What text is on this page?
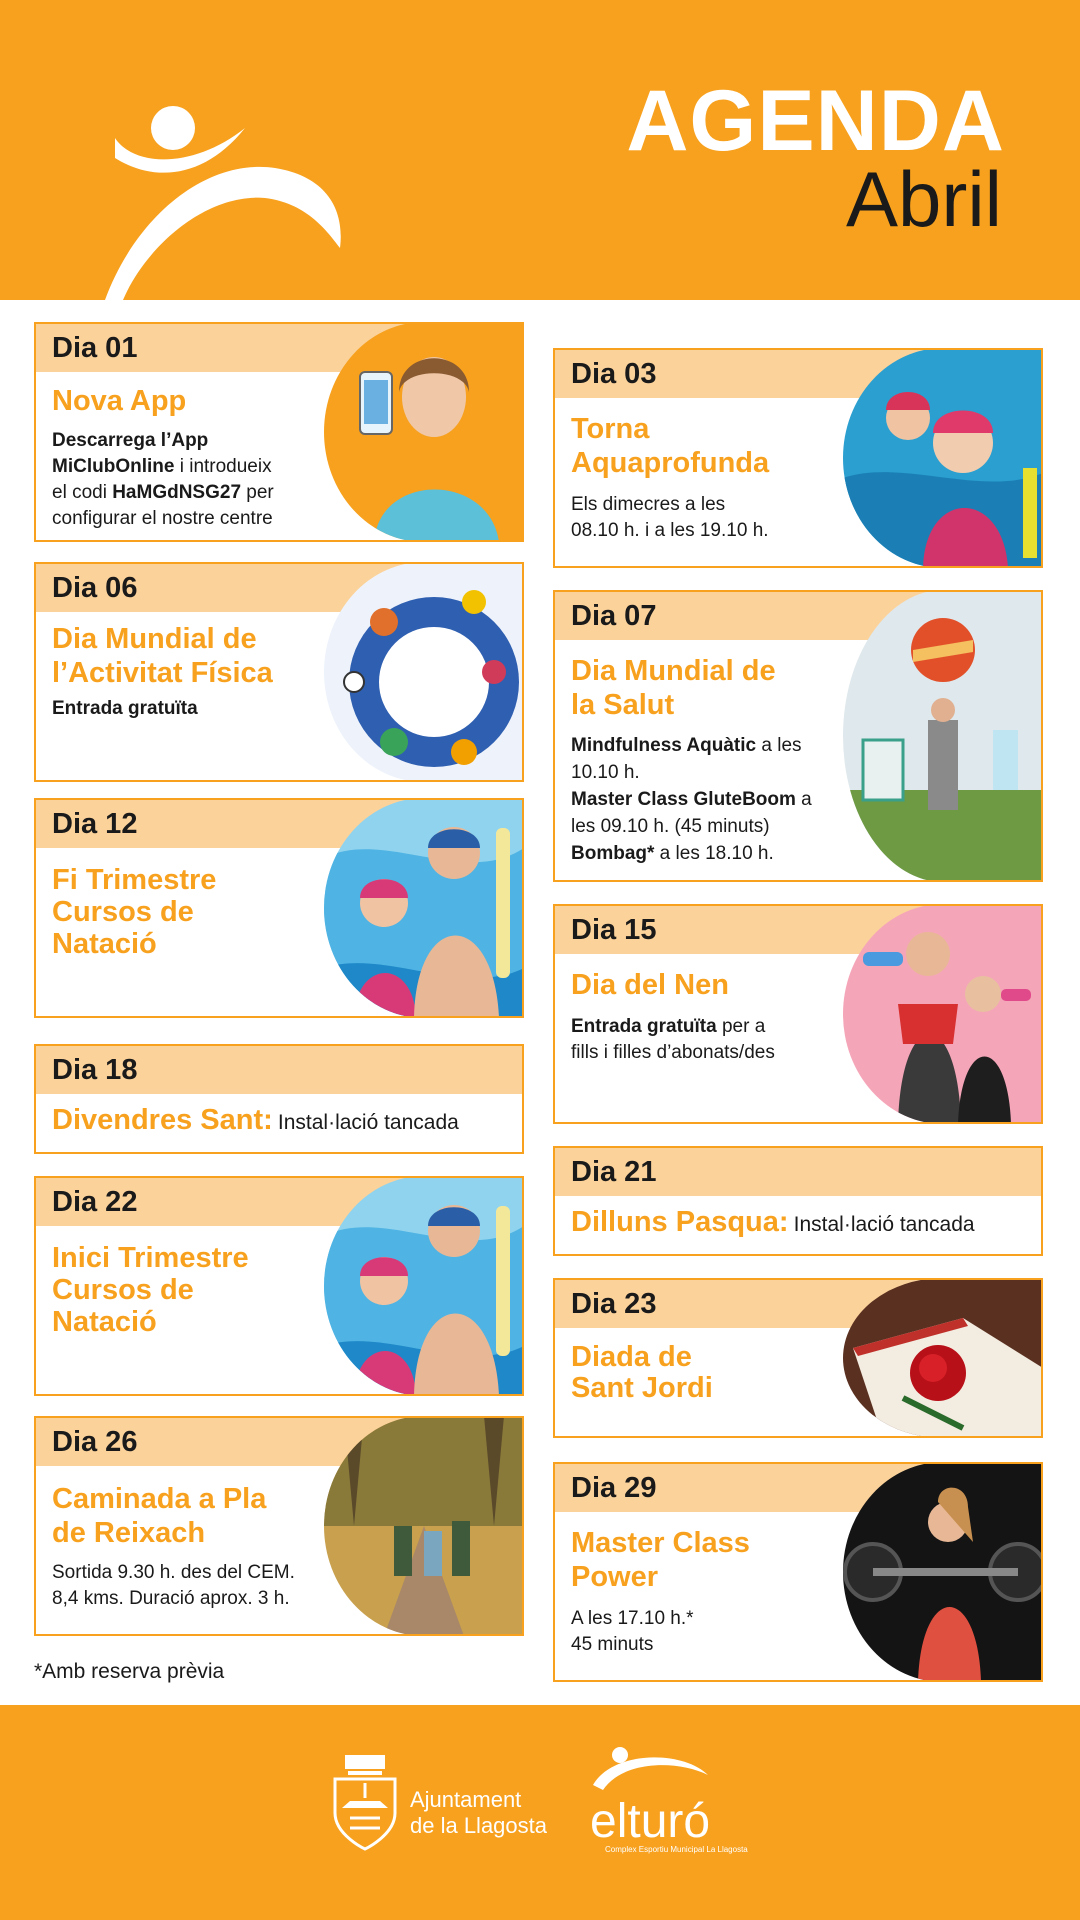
AGENDA
Abril
Dia 01
Nova App
Descarrega l’App
MiClubOnline i introdueix
el codi HaMGdNSG27 per
configurar el nostre centre
Dia 06
Dia Mundial de
l’Activitat Física
Entrada gratuïta
Dia 12
Fi Trimestre
Cursos de
Natació
Dia 18
Divendres Sant: Instal·lació tancada
Dia 22
Inici Trimestre
Cursos de
Natació
Dia 26
Caminada a Pla
de Reixach
Sortida 9.30 h. des del CEM.
8,4 kms. Duració aprox. 3 h.
Dia 03
Torna
Aquaprofunda
Els dimecres a les
08.10 h. i a les 19.10 h.
Dia 07
Dia Mundial de
la Salut
Mindfulness Aquàtic a les
10.10 h.
Master Class GluteBoom a
les 09.10 h. (45 minuts)
Bombag* a les 18.10 h.
Dia 15
Dia del Nen
Entrada gratuïta per a
fills i filles d’abonats/des
Dia 21
Dilluns Pasqua: Instal·lació tancada
Dia 23
Diada de
Sant Jordi
Dia 29
Master Class
Power
A les 17.10 h.*
45 minuts
*Amb reserva prèvia
Ajuntament
de la Llagosta elturó
Complex Esportiu Municipal La Llagosta
